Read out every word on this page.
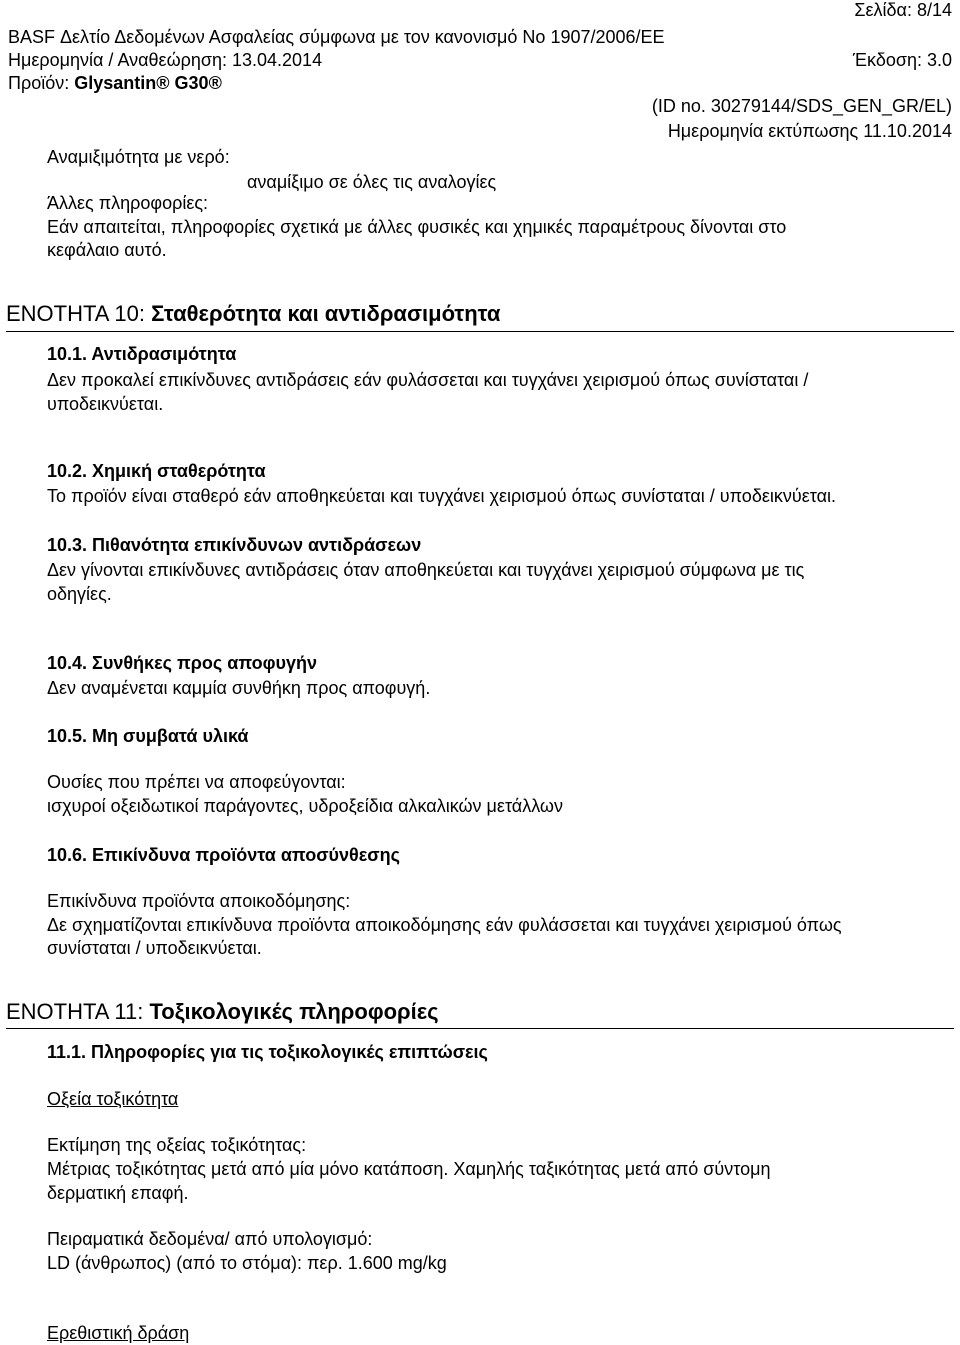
Σελίδα: 8/14
BASF Δελτίο Δεδομένων Ασφαλείας σύμφωνα με τον κανονισμό No 1907/2006/ΕΕ
Ημερομηνία / Αναθεώρηση: 13.04.2014	Έκδοση: 3.0
Προϊόν: Glysantin® G30®
(ID no. 30279144/SDS_GEN_GR/EL)
Ημερομηνία εκτύπωσης 11.10.2014
Αναμιξιμότητα με νερό:
αναμίξιμο σε όλες τις αναλογίες
Άλλες πληροφορίες:
Εάν απαιτείται, πληροφορίες σχετικά με άλλες φυσικές και χημικές παραμέτρους δίνονται στο
κεφάλαιο αυτό.
ΕΝΟΤΗΤΑ 10: Σταθερότητα και αντιδρασιμότητα
10.1. Αντιδρασιμότητα
Δεν προκαλεί επικίνδυνες αντιδράσεις εάν φυλάσσεται και τυγχάνει χειρισμού όπως συνίσταται /
υποδεικνύεται.
10.2. Χημική σταθερότητα
Το προϊόν είναι σταθερό εάν αποθηκεύεται και τυγχάνει χειρισμού όπως συνίσταται / υποδεικνύεται.
10.3. Πιθανότητα επικίνδυνων αντιδράσεων
Δεν γίνονται επικίνδυνες αντιδράσεις όταν αποθηκεύεται και τυγχάνει χειρισμού σύμφωνα με τις
οδηγίες.
10.4. Συνθήκες προς αποφυγήν
Δεν αναμένεται καμμία συνθήκη προς αποφυγή.
10.5. Μη συμβατά υλικά
Ουσίες που πρέπει να αποφεύγονται:
ισχυροί οξειδωτικοί παράγοντες, υδροξείδια αλκαλικών μετάλλων
10.6. Επικίνδυνα προϊόντα αποσύνθεσης
Επικίνδυνα προϊόντα αποικοδόμησης:
Δε σχηματίζονται επικίνδυνα προϊόντα αποικοδόμησης εάν φυλάσσεται και τυγχάνει χειρισμού όπως
συνίσταται / υποδεικνύεται.
ΕΝΟΤΗΤΑ 11: Τοξικολογικές πληροφορίες
11.1. Πληροφορίες για τις τοξικολογικές επιπτώσεις
Οξεία τοξικότητα
Εκτίμηση της οξείας τοξικότητας:
Μέτριας τοξικότητας μετά από μία μόνο κατάποση. Χαμηλής ταξικότητας μετά από σύντομη
δερματική επαφή.
Πειραματικά δεδομένα/ από υπολογισμό:
LD (άνθρωπος) (από το στόμα): περ. 1.600 mg/kg
Ερεθιστική δράση
